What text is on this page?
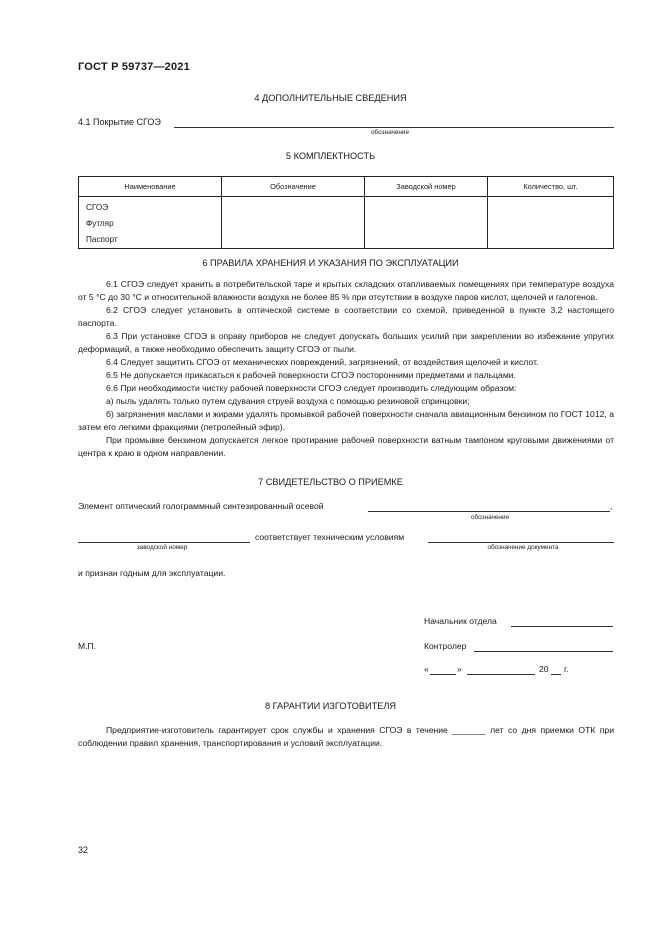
ГОСТ Р 59737—2021
4 ДОПОЛНИТЕЛЬНЫЕ СВЕДЕНИЯ
4.1 Покрытие СГОЭ
обозначение
5 КОМПЛЕКТНОСТЬ
Наименование	Обозначение	Заводской номер	Количество, шт.

СГОЭ
Футляр
Паспорт			

6 ПРАВИЛА ХРАНЕНИЯ И УКАЗАНИЯ ПО ЭКСПЛУАТАЦИИ

6.1 СГОЭ следует хранить в потребительской таре и крытых складских отапливаемых помещениях при температуре воздуха от 5 °С до 30 °С и относительной влажности воздуха не более 85 % при отсутствии в воздухе паров кислот, щелочей и галогенов.

6.2 СГОЭ следует установить в оптической системе в соответствии со схемой, приведенной в пункте 3.2 настоящего паспорта.

6.3 При установке СГОЭ в оправу приборов не следует допускать больших усилий при закреплении во избежание упругих деформаций, а также необходимо обеспечить защиту СГОЭ от пыли.

6.4 Следует защитить СГОЭ от механических повреждений, загрязнений, от воздействия щелочей и кислот.

6.5 Не допускается прикасаться к рабочей поверхности СГОЭ посторонними предметами и пальцами.

6.6 При необходимости чистку рабочей поверхности СГОЭ следует производить следующим образом:

а) пыль удалять только путем сдувания струей воздуха с помощью резиновой спринцовки;

б) загрязнения маслами и жирами удалять промывкой рабочей поверхности сначала авиационным бензином по ГОСТ 1012, а затем его легкими фракциями (петролейный эфир).

При промывке бензином допускается легкое протирание рабочей поверхности ватным тампоном круговыми движениями от центра к краю в одном направлении.

7 СВИДЕТЕЛЬСТВО О ПРИЕМКЕ
Элемент оптический голограммный синтезированный осевой	,
обозначение
соответствует техническим условиям
заводской номер	обозначение документа
и признан годным для эксплуатации.
Начальник отдела
М.П.	Контролер
«	»	20 г.
8 ГАРАНТИИ ИЗГОТОВИТЕЛЯ

Предприятие-изготовитель гарантирует срок службы и хранения СГОЭ в течение _______ лет со дня приемки ОТК при соблюдении правил хранения, транспортирования и условий эксплуатации.

32
